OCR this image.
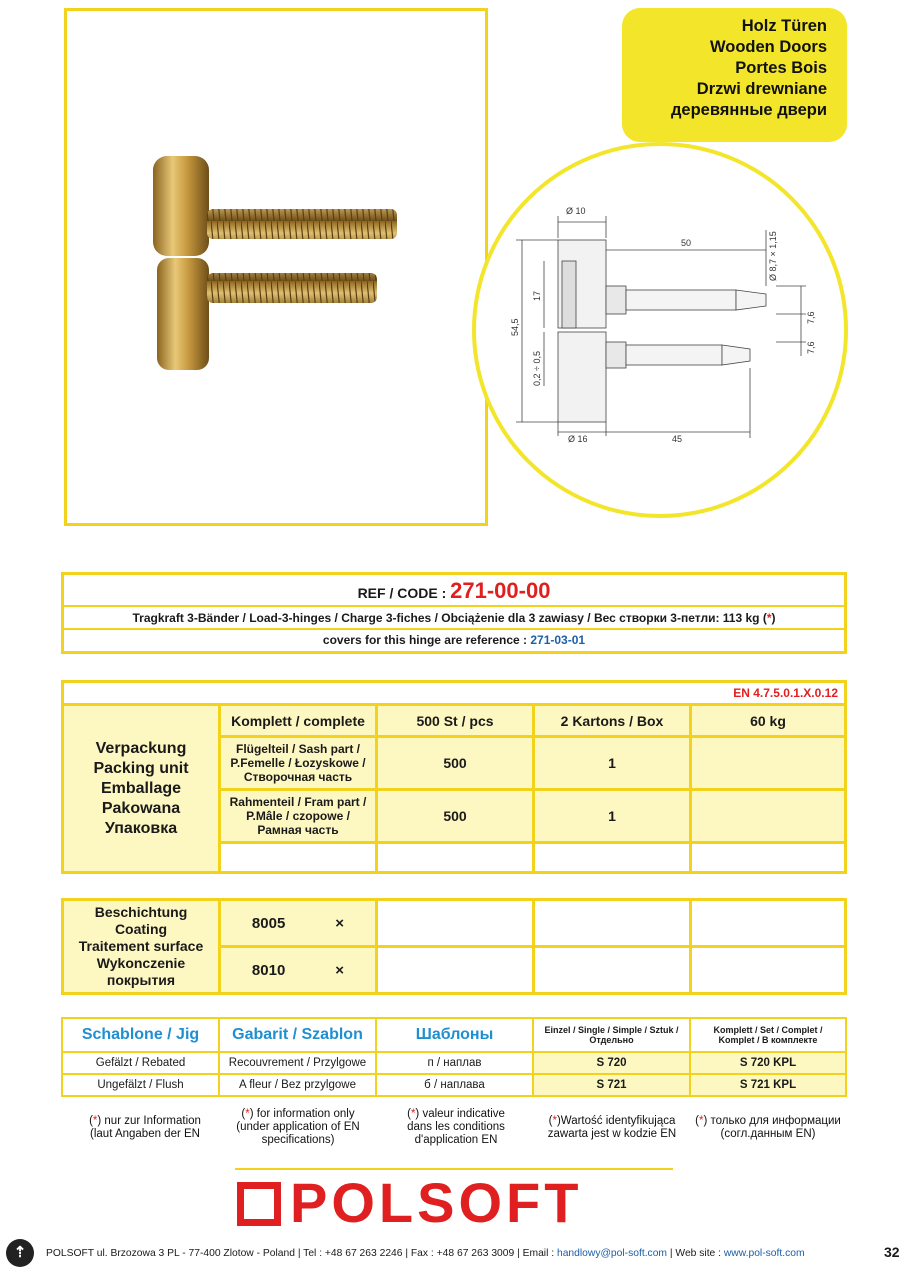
Holz Türen
Wooden Doors
Portes Bois
Drzwi drewniane
деревянные двери
Ø 10
50	Ø 8,7 × 1,15
17
54,5
0,2 ÷ 0,5
7,6
7,6
Ø 16	45
REF / CODE : 271-00-00
Tragkraft 3-Bänder / Load-3-hinges / Charge 3-fiches / Obciążenie dla 3 zawiasy / Вес створки 3-петли: 113 kg (*)
covers for this hinge are reference : 271-03-01
EN 4.7.5.0.1.X.0.12				

Verpackung
Packing unit
Emballage
Pakowana
Упаковка	Komplett / complete	500 St / pcs	2 Kartons / Box	60 kg

	Flügelteil / Sash part /
P.Femelle / Łozyskowe /
Створочная часть	500	1	

	Rahmenteil / Fram part /
P.Mâle / czopowe /
Рамная часть	500	1	

Beschichtung
Coating
Traitement surface
Wykonczenie
покрытия	8005 ×			
	8010 ×			
Schablone / Jig	Gabarit / Szablon	Шаблоны	Einzel / Single / Simple / Sztuk / Отдельно	Komplett / Set / Complet / Komplet / В комплекте
Gefälzt / Rebated	Recouvrement / Przylgowe	п / наплав	S 720	S 720 KPL
Ungefälzt / Flush	A fleur / Bez przylgowe	б / наплава	S 721	S 721 KPL
(*) nur zur Information (laut Angaben der EN
(*) for information only (under application of EN specifications)
(*) valeur indicative dans les conditions d'application EN
(*)Wartość identyfikująca zawarta jest w kodzie EN
(*) только для информации (согл.данным EN)
POLSOFT
⇡	POLSOFT ul. Brzozowa 3 PL - 77-400 Zlotow - Poland | Tel : +48 67 263 2246 | Fax : +48 67 263 3009 | Email : handlowy@pol-soft.com | Web site : www.pol-soft.com	32
